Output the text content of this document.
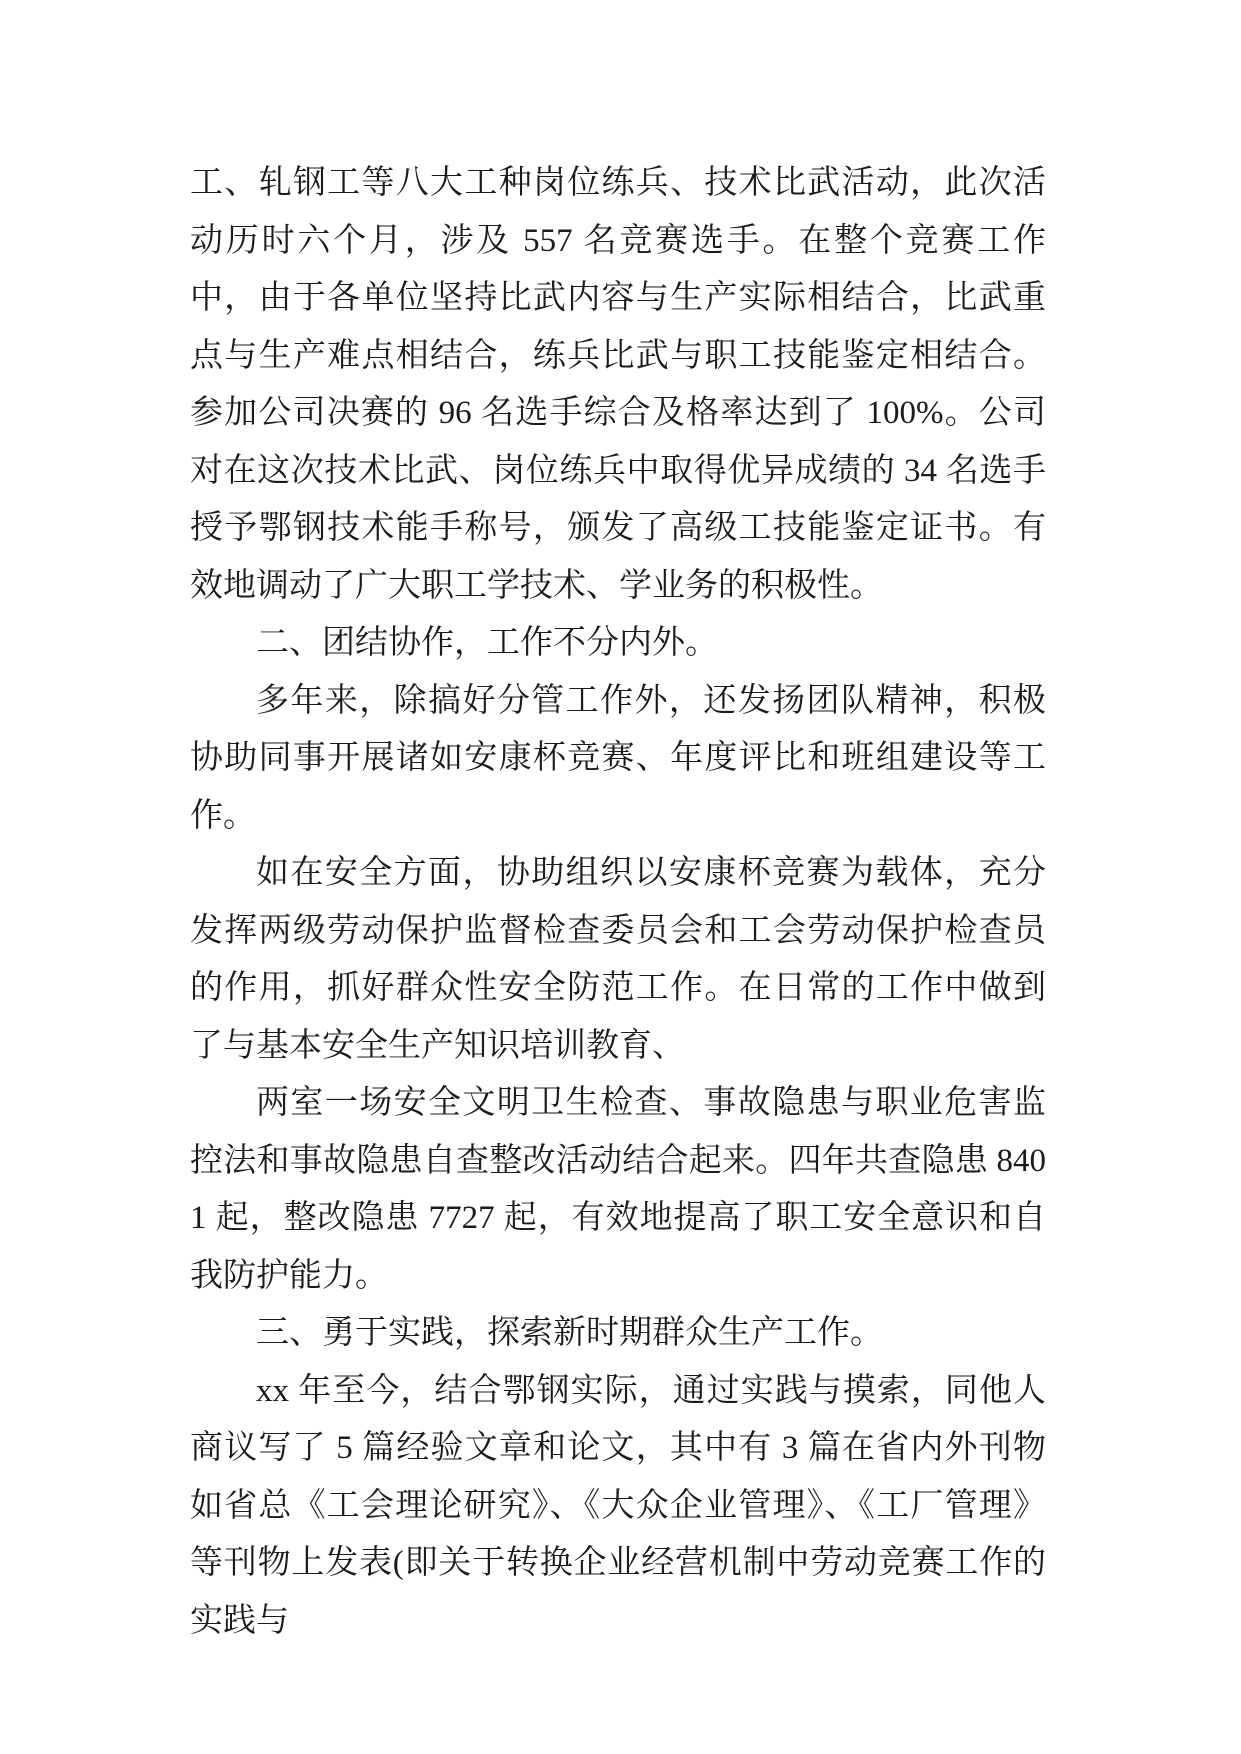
工、轧钢工等八大工种岗位练兵、技术比武活动，此次活动历时六个月，涉及 557 名竞赛选手。在整个竞赛工作中，由于各单位坚持比武内容与生产实际相结合，比武重点与生产难点相结合，练兵比武与职工技能鉴定相结合。参加公司决赛的 96 名选手综合及格率达到了 100%。公司对在这次技术比武、岗位练兵中取得优异成绩的 34 名选手授予鄂钢技术能手称号，颁发了高级工技能鉴定证书。有效地调动了广大职工学技术、学业务的积极性。

二、团结协作，工作不分内外。

多年来，除搞好分管工作外，还发扬团队精神，积极协助同事开展诸如安康杯竞赛、年度评比和班组建设等工作。

如在安全方面，协助组织以安康杯竞赛为载体，充分发挥两级劳动保护监督检查委员会和工会劳动保护检查员的作用，抓好群众性安全防范工作。在日常的工作中做到了与基本安全生产知识培训教育、

两室一场安全文明卫生检查、事故隐患与职业危害监控法和事故隐患自查整改活动结合起来。四年共查隐患 8401 起，整改隐患 7727 起，有效地提高了职工安全意识和自我防护能力。

三、勇于实践，探索新时期群众生产工作。

xx 年至今，结合鄂钢实际，通过实践与摸索，同他人商议写了 5 篇经验文章和论文，其中有 3 篇在省内外刊物如省总《工会理论研究》、《大众企业管理》、《工厂管理》等刊物上发表(即关于转换企业经营机制中劳动竞赛工作的实践与
